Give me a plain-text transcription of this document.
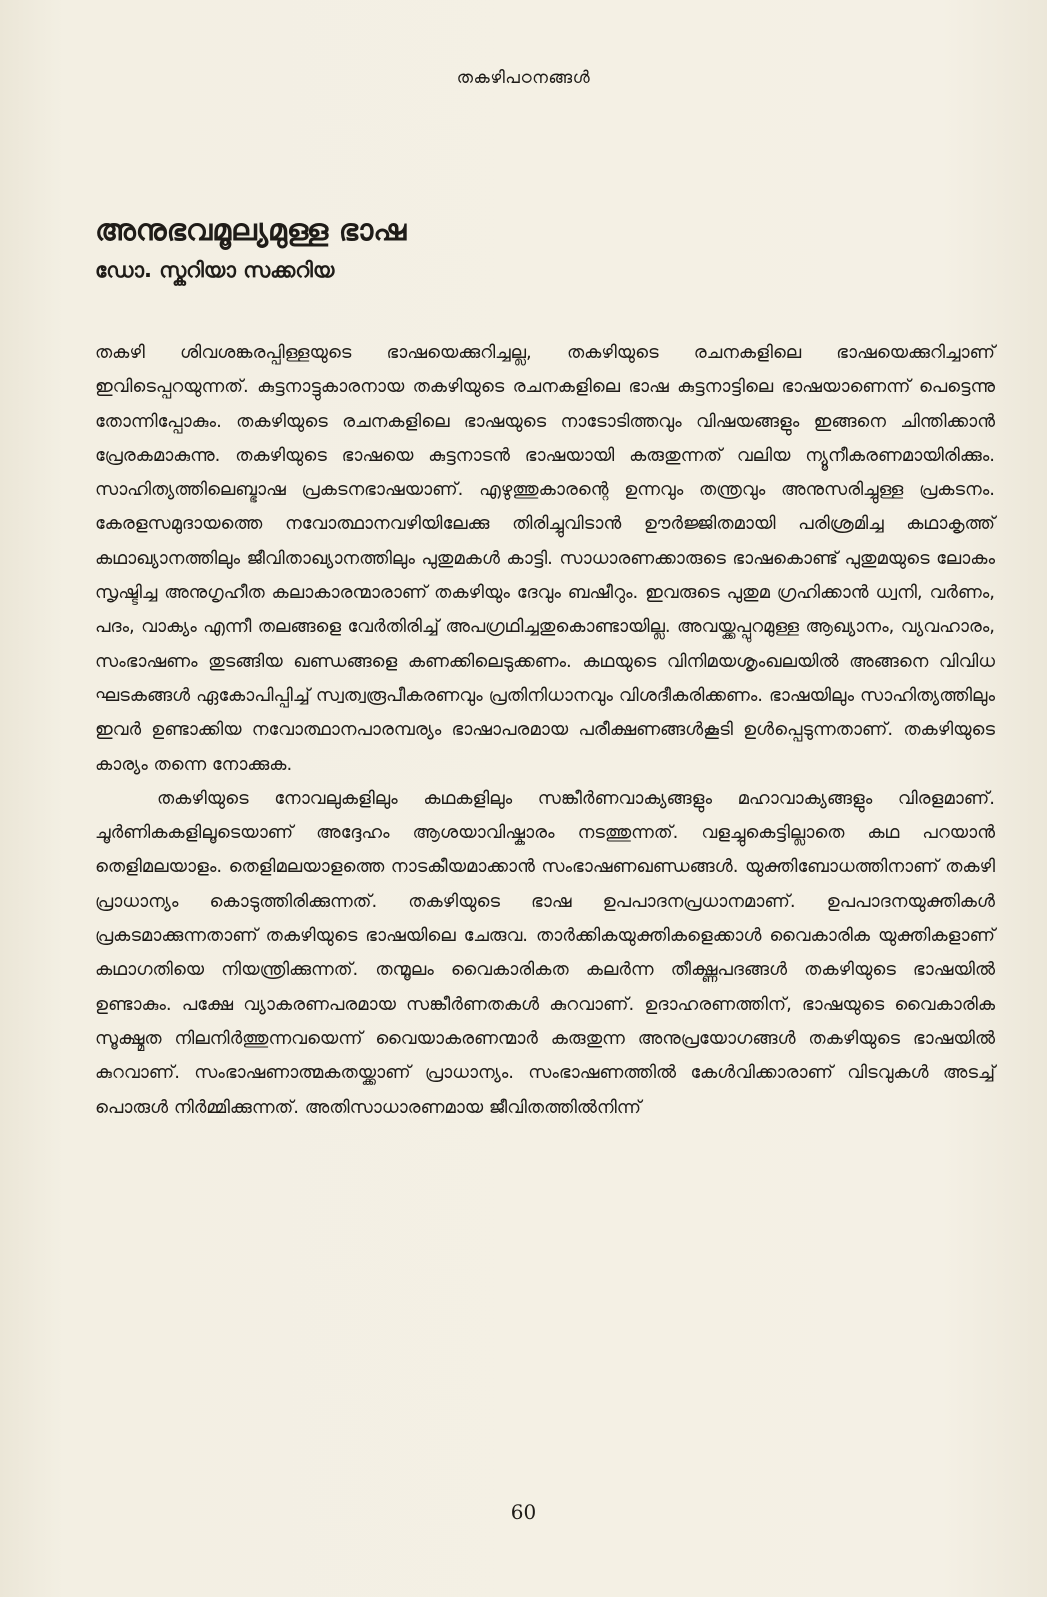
തകഴിപഠനങ്ങൾ
അനുഭവമൂല്യമുള്ള ഭാഷ
ഡോ. സ്കറിയാ സക്കറിയ

തകഴി ശിവശങ്കരപ്പിള്ളയുടെ ഭാഷയെക്കുറിച്ചല്ല, തകഴിയുടെ രചനകളിലെ ഭാഷയെക്കുറിച്ചാണ് ഇവിടെപ്പറയുന്നത്. കുട്ടനാട്ടുകാരനായ തകഴിയുടെ രചനകളിലെ ഭാഷ കുട്ടനാട്ടിലെ ഭാഷയാണെന്ന് പെട്ടെന്നു തോന്നിപ്പോകും. തകഴിയുടെ രചനകളിലെ ഭാഷയുടെ നാടോടിത്തവും വിഷയങ്ങളും ഇങ്ങനെ ചിന്തിക്കാൻ പ്രേരകമാകുന്നു. തകഴിയുടെ ഭാഷയെ കുട്ടനാടൻ ഭാഷയായി കരുതുന്നത് വലിയ ന്യൂനീകരണമായിരിക്കും. സാഹിത്യത്തിലെബ്ഭാഷ പ്രകടനഭാഷയാണ്. എഴുത്തുകാരന്റെ ഉന്നവും തന്ത്രവും അനുസരിച്ചുള്ള പ്രകടനം. കേരളസമുദായത്തെ നവോത്ഥാനവഴിയിലേക്കു തിരിച്ചുവിടാൻ ഊർജ്ജിതമായി പരിശ്രമിച്ച കഥാകൃത്ത് കഥാഖ്യാനത്തിലും ജീവിതാഖ്യാനത്തിലും പുതുമകൾ കാട്ടി. സാധാരണക്കാരുടെ ഭാഷകൊണ്ട് പുതുമയുടെ ലോകം സൃഷ്ടിച്ച അനുഗൃഹീത കലാകാരന്മാരാണ് തകഴിയും ദേവും ബഷീറും. ഇവരുടെ പുതുമ ഗ്രഹിക്കാൻ ധ്വനി, വർണം, പദം, വാക്യം എന്നീ തലങ്ങളെ വേർതിരിച്ച് അപഗ്രഥിച്ചതുകൊണ്ടായില്ല. അവയ്ക്കപ്പുറമുള്ള ആഖ്യാനം, വ്യവഹാരം, സംഭാഷണം തുടങ്ങിയ ഖണ്ഡങ്ങളെ കണക്കിലെടുക്കണം. കഥയുടെ വിനിമയശൃംഖലയിൽ അങ്ങനെ വിവിധ ഘടകങ്ങൾ ഏകോപിപ്പിച്ച് സ്വത്വരൂപീകരണവും പ്രതിനിധാനവും വിശദീകരിക്കണം. ഭാഷയിലും സാഹിത്യത്തിലും ഇവർ ഉണ്ടാക്കിയ നവോത്ഥാനപാരമ്പര്യം ഭാഷാപരമായ പരീക്ഷണങ്ങൾകൂടി ഉൾപ്പെടുന്നതാണ്. തകഴിയുടെ കാര്യം തന്നെ നോക്കുക.

തകഴിയുടെ നോവലുകളിലും കഥകളിലും സങ്കീർണവാക്യങ്ങളും മഹാവാക്യങ്ങളും വിരളമാണ്. ചൂർണികകളിലൂടെയാണ് അദ്ദേഹം ആശയാവിഷ്കാരം നടത്തുന്നത്. വളച്ചുകെട്ടില്ലാതെ കഥ പറയാൻ തെളിമലയാളം. തെളിമലയാളത്തെ നാടകീയമാക്കാൻ സംഭാഷണഖണ്ഡങ്ങൾ. യുക്തിബോധത്തിനാണ് തകഴി പ്രാധാന്യം കൊടുത്തിരിക്കുന്നത്. തകഴിയുടെ ഭാഷ ഉപപാദനപ്രധാനമാണ്. ഉപപാദനയുക്തികൾ പ്രകടമാക്കുന്നതാണ് തകഴിയുടെ ഭാഷയിലെ ചേരുവ. താർക്കികയുക്തികളെക്കാൾ വൈകാരിക യുക്തികളാണ് കഥാഗതിയെ നിയന്ത്രിക്കുന്നത്. തന്മൂലം വൈകാരികത കലർന്ന തീക്ഷ്ണപദങ്ങൾ തകഴിയുടെ ഭാഷയിൽ ഉണ്ടാകും. പക്ഷേ വ്യാകരണപരമായ സങ്കീർണതകൾ കുറവാണ്. ഉദാഹരണത്തിന്, ഭാഷയുടെ വൈകാരിക സൂക്ഷ്മത നിലനിർത്തുന്നവയെന്ന് വൈയാകരണന്മാർ കരുതുന്ന അനുപ്രയോഗങ്ങൾ തകഴിയുടെ ഭാഷയിൽ കുറവാണ്. സംഭാഷണാത്മകതയ്ക്കാണ് പ്രാധാന്യം. സംഭാഷണത്തിൽ കേൾവിക്കാരാണ് വിടവുകൾ അടച്ച് പൊരുൾ നിർമ്മിക്കുന്നത്. അതിസാധാരണമായ ജീവിതത്തിൽനിന്ന്

60
